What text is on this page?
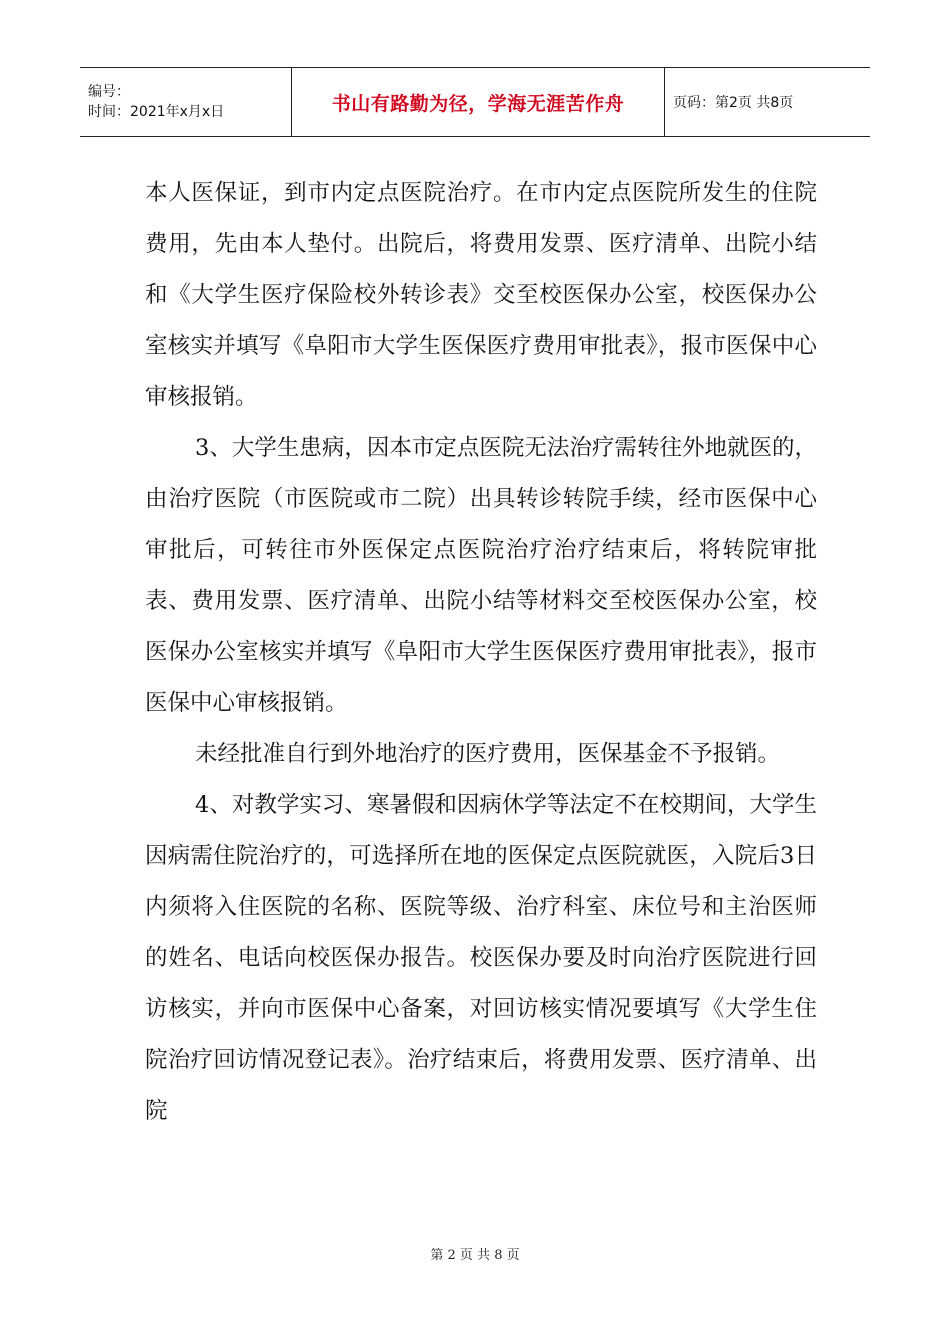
编号：
时间：2021年x月x日	书山有路勤为径，学海无涯苦作舟	页码：第2页 共8页

本人医保证，到市内定点医院治疗。在市内定点医院所发生的住院费用，先由本人垫付。出院后，将费用发票、医疗清单、出院小结和《大学生医疗保险校外转诊表》交至校医保办公室，校医保办公室核实并填写《阜阳市大学生医保医疗费用审批表》，报市医保中心审核报销。

3、大学生患病，因本市定点医院无法治疗需转往外地就医的，由治疗医院（市医院或市二院）出具转诊转院手续，经市医保中心审批后，可转往市外医保定点医院治疗治疗结束后，将转院审批表、费用发票、医疗清单、出院小结等材料交至校医保办公室，校医保办公室核实并填写《阜阳市大学生医保医疗费用审批表》，报市医保中心审核报销。

未经批准自行到外地治疗的医疗费用，医保基金不予报销。

4、对教学实习、寒暑假和因病休学等法定不在校期间，大学生因病需住院治疗的，可选择所在地的医保定点医院就医，入院后3日内须将入住医院的名称、医院等级、治疗科室、床位号和主治医师的姓名、电话向校医保办报告。校医保办要及时向治疗医院进行回访核实，并向市医保中心备案，对回访核实情况要填写《大学生住院治疗回访情况登记表》。治疗结束后，将费用发票、医疗清单、出院

第 2 页 共 8 页
